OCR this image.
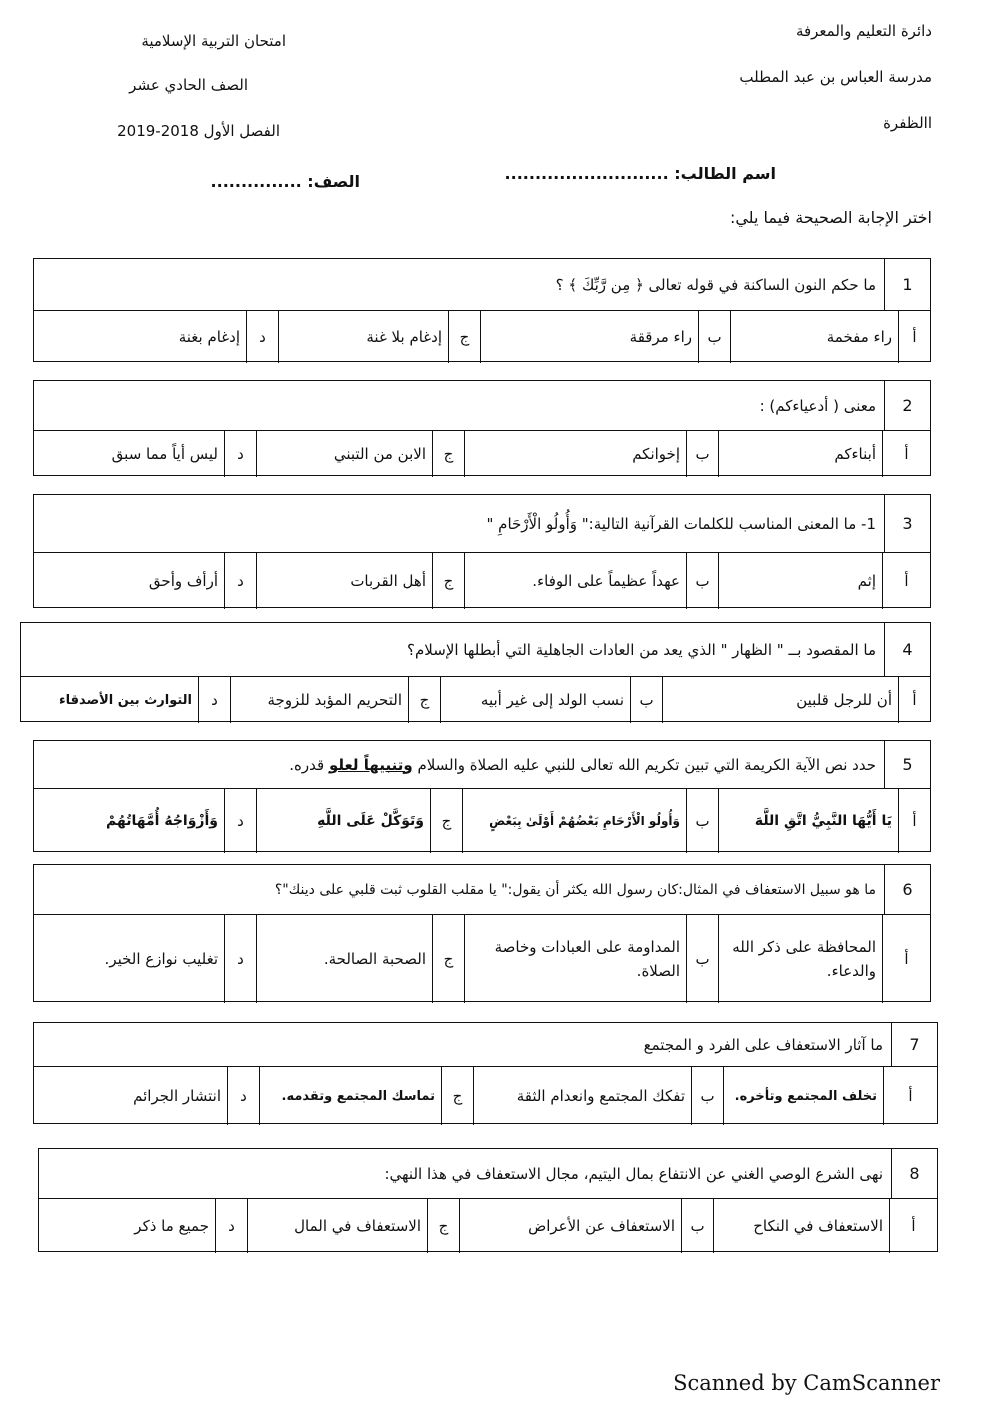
دائرة التعليم والمعرفة
مدرسة العباس بن عبد المطلب
االظفرة
امتحان التربية الإسلامية
الصف الحادي عشر
الفصل الأول 2018-2019
اسم الطالب: ...........................
الصف: ...............
اختر الإجابة الصحيحة فيما يلي:
1
ما حكم النون الساكنة في قوله تعالى ﴿ مِن رَّبِّكَ ﴾ ؟
أ
راء مفخمة
ب
راء مرققة
ج
إدغام بلا غنة
د
إدغام بغنة
2
معنى ( أدعياءكم) :
أ
أبناءكم
ب
إخوانكم
ج
الابن من التبني
د
ليس أياً مما سبق
3
1- ما المعنى المناسب للكلمات القرآنية التالية:" وَأُولُو الْأَرْحَامِ "
أ
إثم
ب
عهداً عظيماً على الوفاء.
ج
أهل القربات
د
أرأف وأحق
4
ما المقصود بــ " الظهار " الذي يعد من العادات الجاهلية التي أبطلها الإسلام؟
أ
أن للرجل قلبين
ب
نسب الولد إلى غير أبيه
ج
التحريم المؤبد للزوجة
د
التوارث بين الأصدقاء
5
حدد نص الآية الكريمة التي تبين تكريم الله تعالى للنبي عليه الصلاة والسلام

وتنبيهاً لعلو

قدره.
أ
يَا أَيُّهَا النَّبِيُّ اتَّقِ اللَّهَ
ب
وَأُولُو الْأَرْحَامِ بَعْضُهُمْ أَوْلَىٰ بِبَعْضٍ
ج
وَتَوَكَّلْ عَلَى اللَّهِ
د
وَأَزْوَاجُهُ أُمَّهَاتُهُمْ
6
ما هو سبيل الاستعفاف في المثال:كان رسول الله يكثر أن يقول:" يا مقلب القلوب ثبت قلبي على دينك"؟
أ
المحافظة على ذكر الله والدعاء.
ب
المداومة على العبادات وخاصة الصلاة.
ج
الصحبة الصالحة.
د
تغليب نوازع الخير.
7
ما آثار الاستعفاف على الفرد و المجتمع
أ
تخلف المجتمع وتأخره.
ب
تفكك المجتمع وانعدام الثقة
ج
تماسك المجتمع وتقدمه.
د
انتشار الجرائم
8
نهى الشرع الوصي الغني عن الانتفاع بمال اليتيم، مجال الاستعفاف في هذا النهي:
أ
الاستعفاف في النكاح
ب
الاستعفاف عن الأعراض
ج
الاستعفاف في المال
د
جميع ما ذكر
Scanned by CamScanner
